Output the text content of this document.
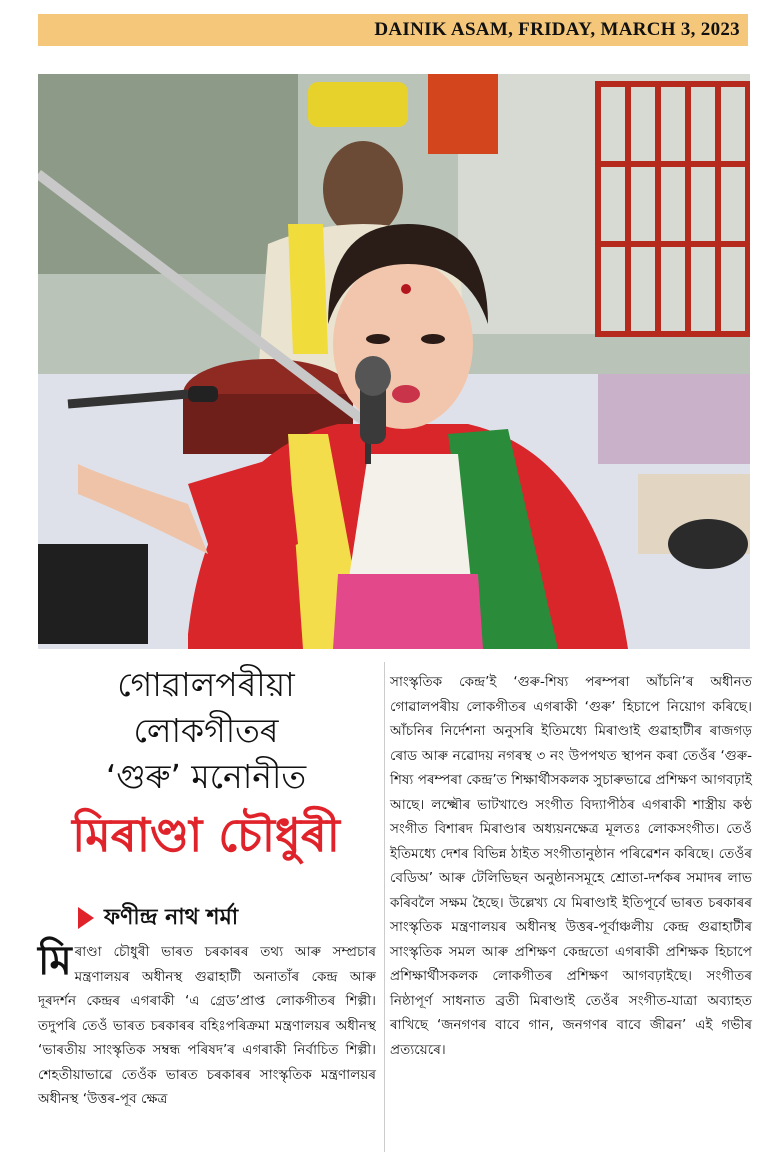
DAINIK ASAM, FRIDAY, MARCH 3, 2023
গোৱালপৰীয়া
লোকগীতৰ
‘গুৰু’ মনোনীত
মিৰাণ্ডা চৌধুৰী
ফণীন্দ্ৰ নাথ শৰ্মা
মিৰাণ্ডা চৌধুৰী ভাৰত চৰকাৰৰ তথ্য আৰু সম্প্ৰচাৰ মন্ত্ৰণালয়ৰ অধীনস্থ গুৱাহাটী অনাতাঁৰ কেন্দ্ৰ আৰু দূৰদৰ্শন কেন্দ্ৰৰ এগৰাকী ‘এ গ্ৰেড’প্ৰাপ্ত লোকগীতৰ শিল্পী। তদুপৰি তেওঁ ভাৰত চৰকাৰৰ বহিঃপৰিক্ৰমা মন্ত্ৰণালয়ৰ অধীনস্থ ‘ভাৰতীয় সাংস্কৃতিক সম্বন্ধ পৰিষদ’ৰ এগৰাকী নিৰ্বাচিত শিল্পী। শেহতীয়াভাৱে তেওঁক ভাৰত চৰকাৰৰ সাংস্কৃতিক মন্ত্ৰণালয়ৰ অধীনস্থ ‘উত্তৰ-পূব ক্ষেত্ৰ
সাংস্কৃতিক কেন্দ্ৰ’ই ‘গুৰু-শিষ্য পৰম্পৰা আঁচনি’ৰ অধীনত গোৱালপৰীয় লোকগীতৰ এগৰাকী ‘গুৰু’ হিচাপে নিয়োগ কৰিছে। আঁচনিৰ নিৰ্দেশনা অনুসৰি ইতিমধ্যে মিৰাণ্ডাই গুৱাহাটীৰ ৰাজগড় ৰোড আৰু নৱোদয় নগৰস্থ ৩ নং উপপথত স্থাপন কৰা তেওঁৰ ‘গুৰু-শিষ্য পৰম্পৰা কেন্দ্ৰ’ত শিক্ষাৰ্থীসকলক সুচাৰুভাৱে প্ৰশিক্ষণ আগবঢ়াই আছে। লক্ষ্মৌৰ ভাটখাণ্ডে সংগীত বিদ্যাপীঠৰ এগৰাকী শাস্ত্ৰীয় কণ্ঠ সংগীত বিশাৰদ মিৰাণ্ডাৰ অধ্যয়নক্ষেত্ৰ মূলতঃ লোকসংগীত। তেওঁ ইতিমধ্যে দেশৰ বিভিন্ন ঠাইত সংগীতানুষ্ঠান পৰিৱেশন কৰিছে। তেওঁৰ বেডিঅ’ আৰু টেলিভিছন অনুষ্ঠানসমূহে শ্ৰোতা-দৰ্শকৰ সমাদৰ লাভ কৰিবলৈ সক্ষম হৈছে। উল্লেখ্য যে মিৰাণ্ডাই ইতিপূৰ্বে ভাৰত চৰকাৰৰ সাংস্কৃতিক মন্ত্ৰণালয়ৰ অধীনস্থ উত্তৰ-পূৰ্বাঞ্চলীয় কেন্দ্ৰ গুৱাহাটীৰ সাংস্কৃতিক সমল আৰু প্ৰশিক্ষণ কেন্দ্ৰতো এগৰাকী প্ৰশিক্ষক হিচাপে প্ৰশিক্ষাৰ্থীসকলক লোকগীতৰ প্ৰশিক্ষণ আগবঢ়াইছে। সংগীতৰ নিষ্ঠাপূৰ্ণ সাধনাত ব্ৰতী মিৰাণ্ডাই তেওঁৰ সংগীত-যাত্ৰা অব্যাহত ৰাখিছে ‘জনগণৰ বাবে গান, জনগণৰ বাবে জীৱন’ এই গভীৰ প্ৰত্যয়েৰে।
